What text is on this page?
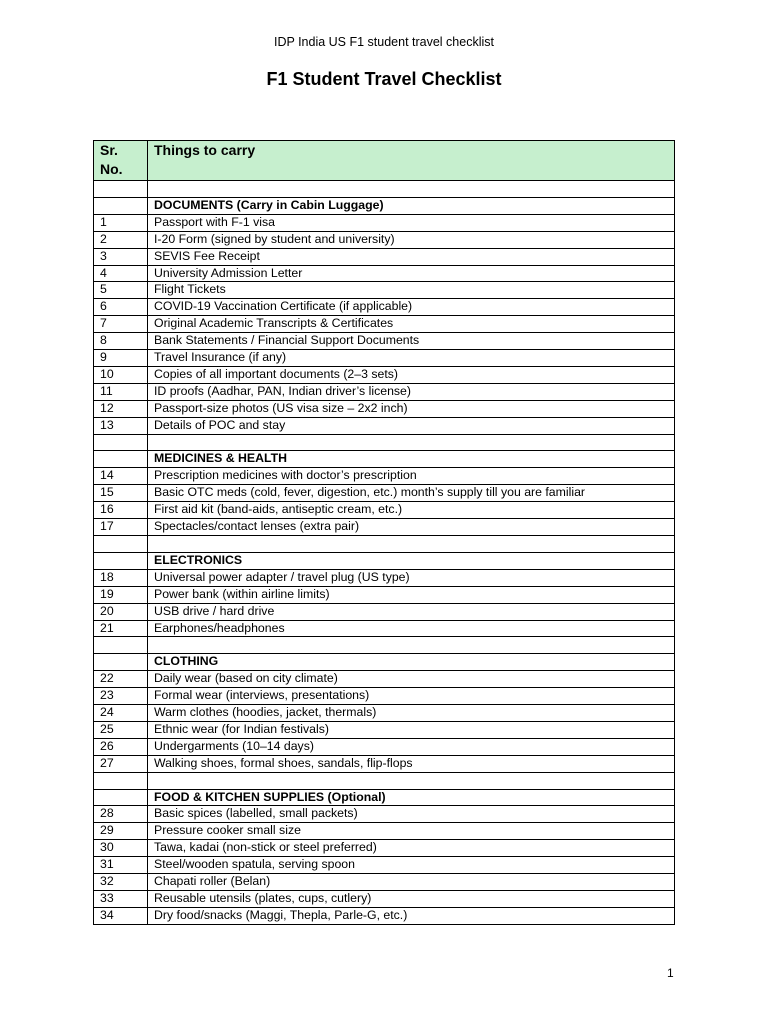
IDP India US F1 student travel checklist
F1 Student Travel Checklist
Sr.
No.	Things to carry

	DOCUMENTS (Carry in Cabin Luggage)
1	Passport with F-1 visa
2	I-20 Form (signed by student and university)
3	SEVIS Fee Receipt
4	University Admission Letter
5	Flight Tickets
6	COVID-19 Vaccination Certificate (if applicable)
7	Original Academic Transcripts & Certificates
8	Bank Statements / Financial Support Documents
9	Travel Insurance (if any)
10	Copies of all important documents (2–3 sets)
11	ID proofs (Aadhar, PAN, Indian driver’s license)
12	Passport-size photos (US visa size – 2x2 inch)
13	Details of POC and stay

	MEDICINES & HEALTH
14	Prescription medicines with doctor’s prescription
15	Basic OTC meds (cold, fever, digestion, etc.) month’s supply till you are familiar
16	First aid kit (band-aids, antiseptic cream, etc.)
17	Spectacles/contact lenses (extra pair)

	ELECTRONICS
18	Universal power adapter / travel plug (US type)
19	Power bank (within airline limits)
20	USB drive / hard drive
21	Earphones/headphones

	CLOTHING
22	Daily wear (based on city climate)
23	Formal wear (interviews, presentations)
24	Warm clothes (hoodies, jacket, thermals)
25	Ethnic wear (for Indian festivals)
26	Undergarments (10–14 days)
27	Walking shoes, formal shoes, sandals, flip-flops

	FOOD & KITCHEN SUPPLIES (Optional)
28	Basic spices (labelled, small packets)
29	Pressure cooker small size
30	Tawa, kadai (non-stick or steel preferred)
31	Steel/wooden spatula, serving spoon
32	Chapati roller (Belan)
33	Reusable utensils (plates, cups, cutlery)
34	Dry food/snacks (Maggi, Thepla, Parle-G, etc.)
1
